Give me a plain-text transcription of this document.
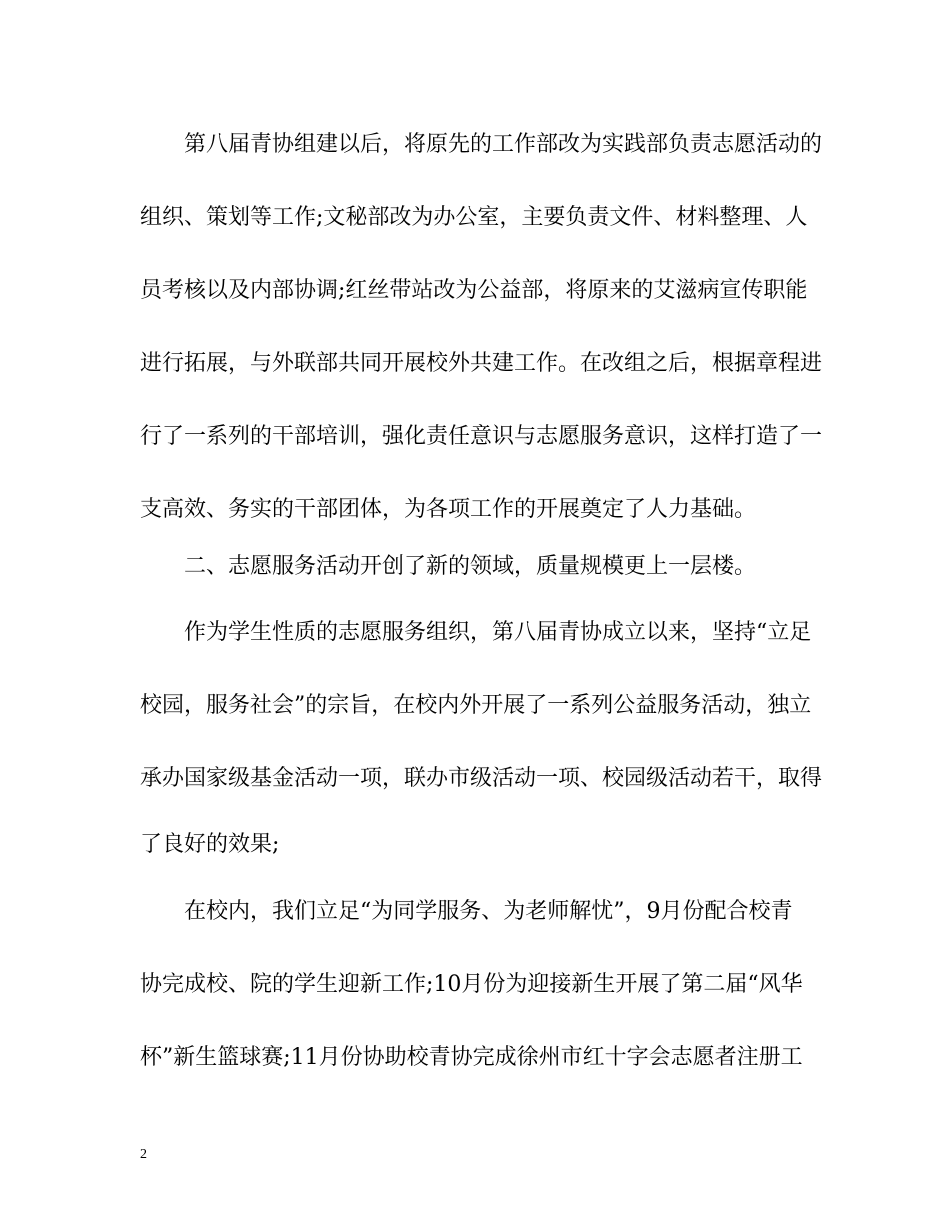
第八届青协组建以后，将原先的工作部改为实践部负责志愿活动的
组织、策划等工作;文秘部改为办公室，主要负责文件、材料整理、人
员考核以及内部协调;红丝带站改为公益部，将原来的艾滋病宣传职能
进行拓展，与外联部共同开展校外共建工作。在改组之后，根据章程进
行了一系列的干部培训，强化责任意识与志愿服务意识，这样打造了一
支高效、务实的干部团体，为各项工作的开展奠定了人力基础。
二、志愿服务活动开创了新的领域，质量规模更上一层楼。
作为学生性质的志愿服务组织，第八届青协成立以来，坚持“立足
校园，服务社会”的宗旨，在校内外开展了一系列公益服务活动，独立
承办国家级基金活动一项，联办市级活动一项、校园级活动若干，取得
了良好的效果;
在校内，我们立足“为同学服务、为老师解忧”，9月份配合校青
协完成校、院的学生迎新工作;10月份为迎接新生开展了第二届“风华
杯”新生篮球赛;11月份协助校青协完成徐州市红十字会志愿者注册工
2
